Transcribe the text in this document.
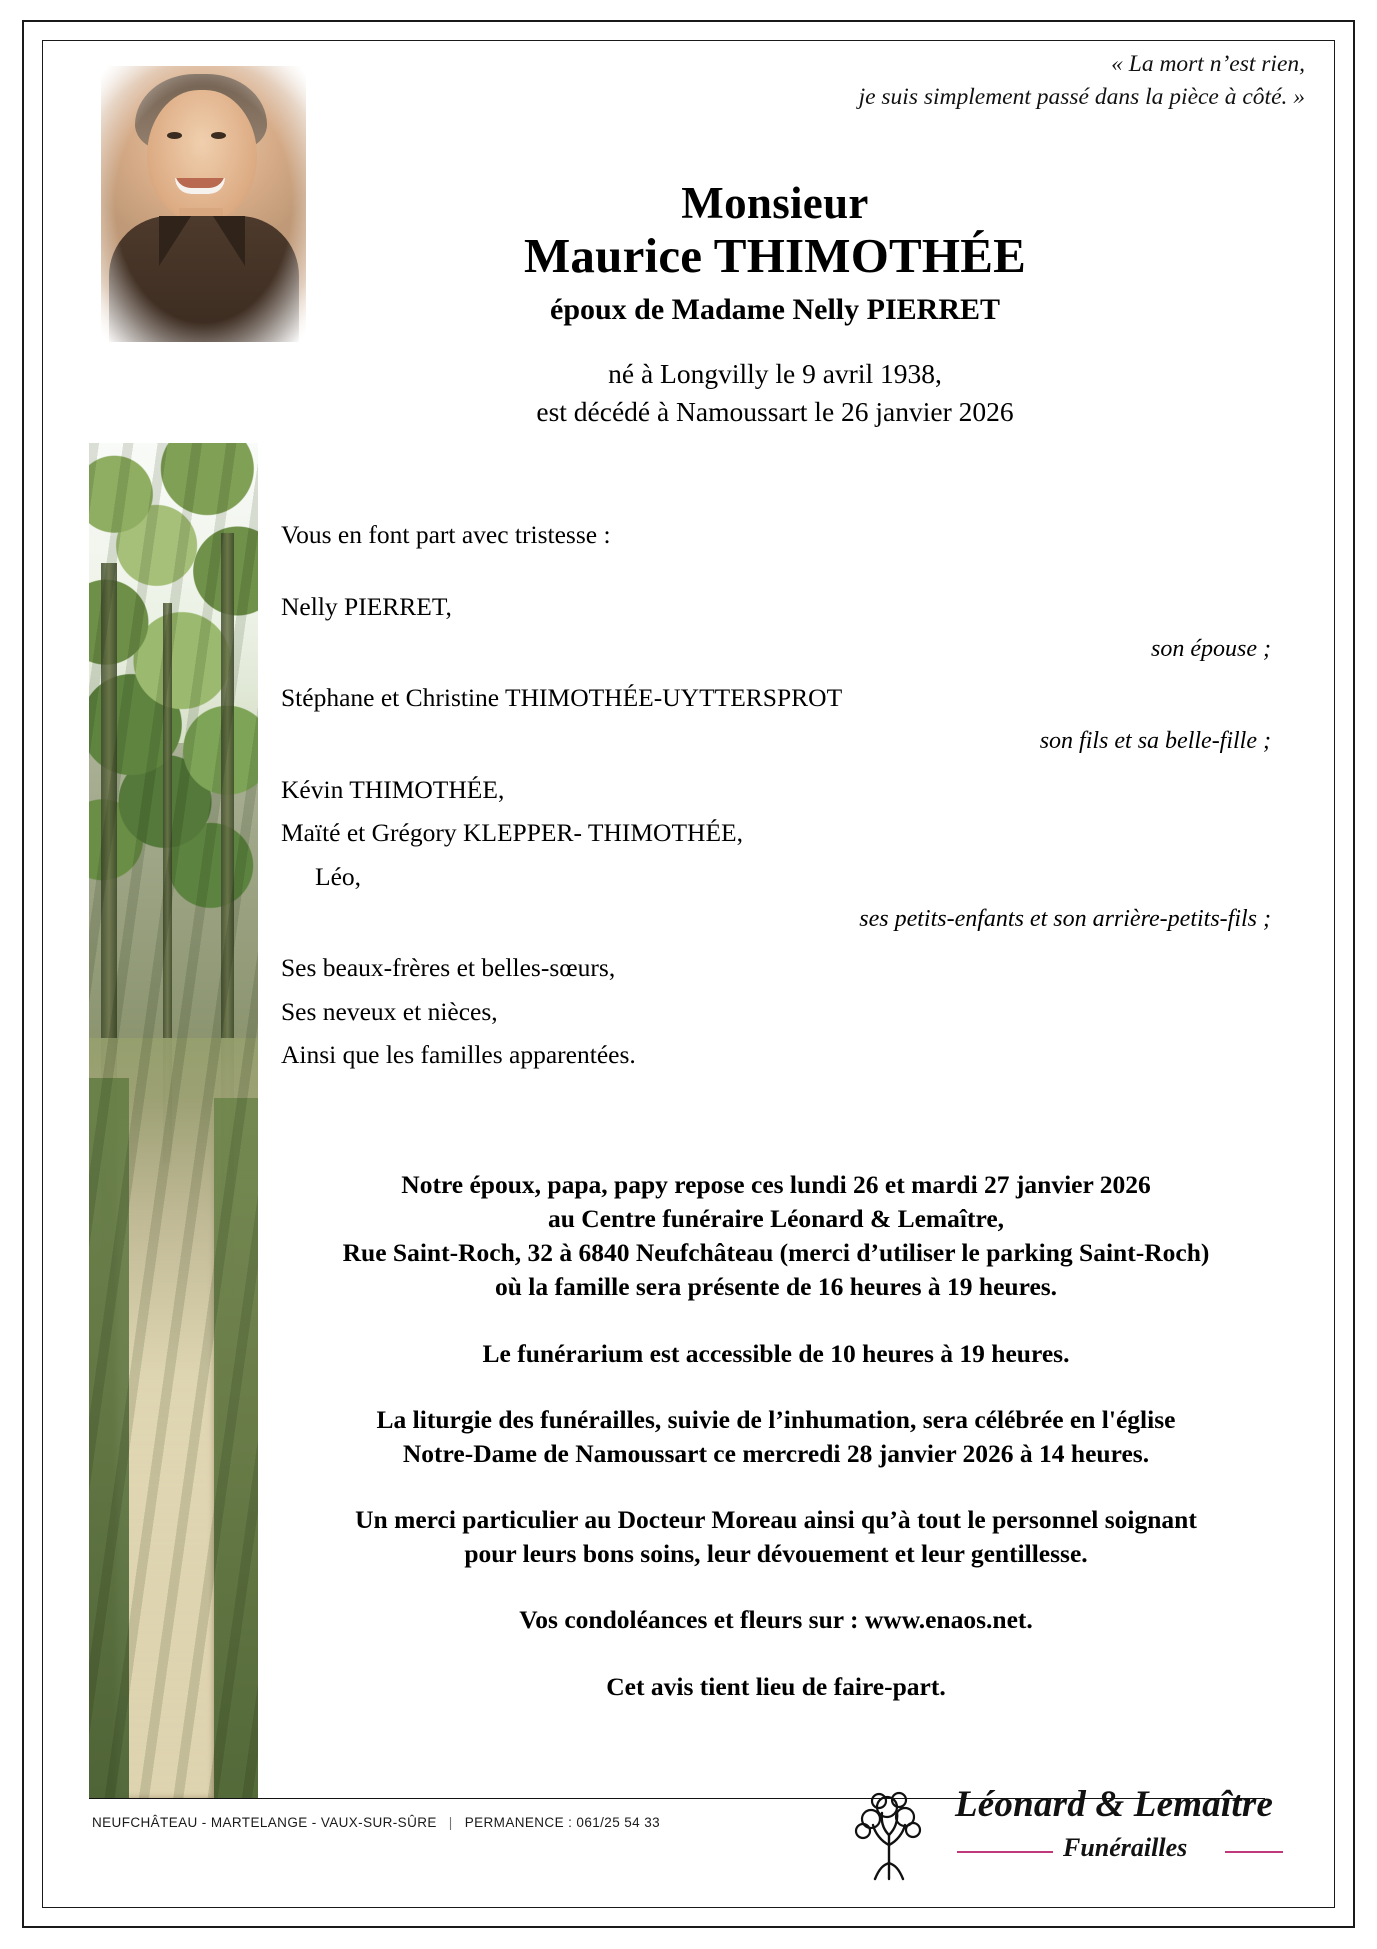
« La mort n’est rien,
je suis simplement passé dans la pièce à côté. »
Monsieur
Maurice THIMOTHÉE
époux de Madame Nelly PIERRET
né à Longvilly le 9 avril 1938,
est décédé à Namoussart le 26 janvier 2026
Vous en font part avec tristesse :
Nelly PIERRET,
son épouse ;
Stéphane et Christine THIMOTHÉE-UYTTERSPROT
son fils et sa belle-fille ;
Kévin THIMOTHÉE,
Maïté et Grégory KLEPPER- THIMOTHÉE,
Léo,
ses petits-enfants et son arrière-petits-fils ;
Ses beaux-frères et belles-sœurs,
Ses neveux et nièces,
Ainsi que les familles apparentées.

Notre époux, papa, papy repose ces lundi 26 et mardi 27 janvier 2026
au Centre funéraire Léonard & Lemaître,
Rue Saint-Roch, 32 à 6840 Neufchâteau (merci d’utiliser le parking Saint-Roch)
où la famille sera présente de 16 heures à 19 heures.

Le funérarium est accessible de 10 heures à 19 heures.

La liturgie des funérailles, suivie de l’inhumation, sera célébrée en l'église
Notre-Dame de Namoussart ce mercredi 28 janvier 2026 à 14 heures.

Un merci particulier au Docteur Moreau ainsi qu’à tout le personnel soignant
pour leurs bons soins, leur dévouement et leur gentillesse.

Vos condoléances et fleurs sur : www.enaos.net.

Cet avis tient lieu de faire-part.

NEUFCHÂTEAU - MARTELANGE - VAUX-SUR-SÛRE | PERMANENCE : 061/25 54 33	Léonard & Lemaître
Funérailles
